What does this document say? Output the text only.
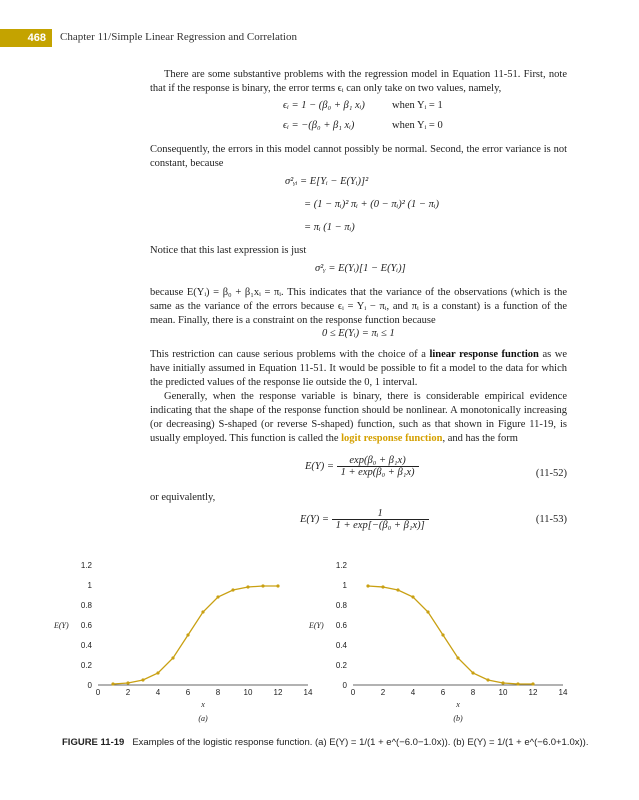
468	Chapter 11/Simple Linear Regression and Correlation

There are some substantive problems with the regression model in Equation 11-51. First, note that if the response is binary, the error terms ϵᵢ can only take on two values, namely,

ϵᵢ = 1 − (β₀ + β₁ xᵢ)	when Yᵢ = 1
ϵᵢ = −(β₀ + β₁ xᵢ)	when Yᵢ = 0

Consequently, the errors in this model cannot possibly be normal. Second, the error variance is not constant, because

σ²ᵧᵢ = E[Yᵢ − E(Yᵢ)]²
= (1 − πᵢ)² πᵢ + (0 − πᵢ)² (1 − πᵢ)
= πᵢ (1 − πᵢ)

Notice that this last expression is just

σ²ᵧ = E(Yᵢ)[1 − E(Yᵢ)]

because E(Yᵢ) = β₀ + β₁xᵢ = πᵢ. This indicates that the variance of the observations (which is the same as the variance of the errors because ϵᵢ = Yᵢ − πᵢ, and πᵢ is a constant) is a function of the mean. Finally, there is a constraint on the response function because

0 ≤ E(Yᵢ) = πᵢ ≤ 1

This restriction can cause serious problems with the choice of a linear response function as we have initially assumed in Equation 11-51. It would be possible to fit a model to the data for which the predicted values of the response lie outside the 0, 1 interval.

Generally, when the response variable is binary, there is considerable empirical evidence indicating that the shape of the response function should be nonlinear. A monotonically increasing (or decreasing) S-shaped (or reverse S-shaped) function, such as that shown in Figure 11-19, is usually employed. This function is called the logit response function, and has the form

$E(Y) = \frac{\text{exp(β₀ + β₁x)}}{\text{1 + exp(β₀ + β₁x)}}$	(11-52)

or equivalently,

$E(Y) = \frac{1}{\text{1 + exp[−(β₀ + β₁x)]}}$	(11-53)
0
0.2
0.4
0.6
0.8
1
1.2
0	2	4	6	8	10	12	14
E(Y)
x
(a)
0
0.2
0.4
0.6
0.8
1
1.2
0	2	4	6	8	10	12	14
E(Y)
x
(b)
FIGURE 11-19 Examples of the logistic response function. (a) E(Y) = 1/(1 + e^(−6.0−1.0x)). (b) E(Y) = 1/(1 + e^(−6.0+1.0x)).
